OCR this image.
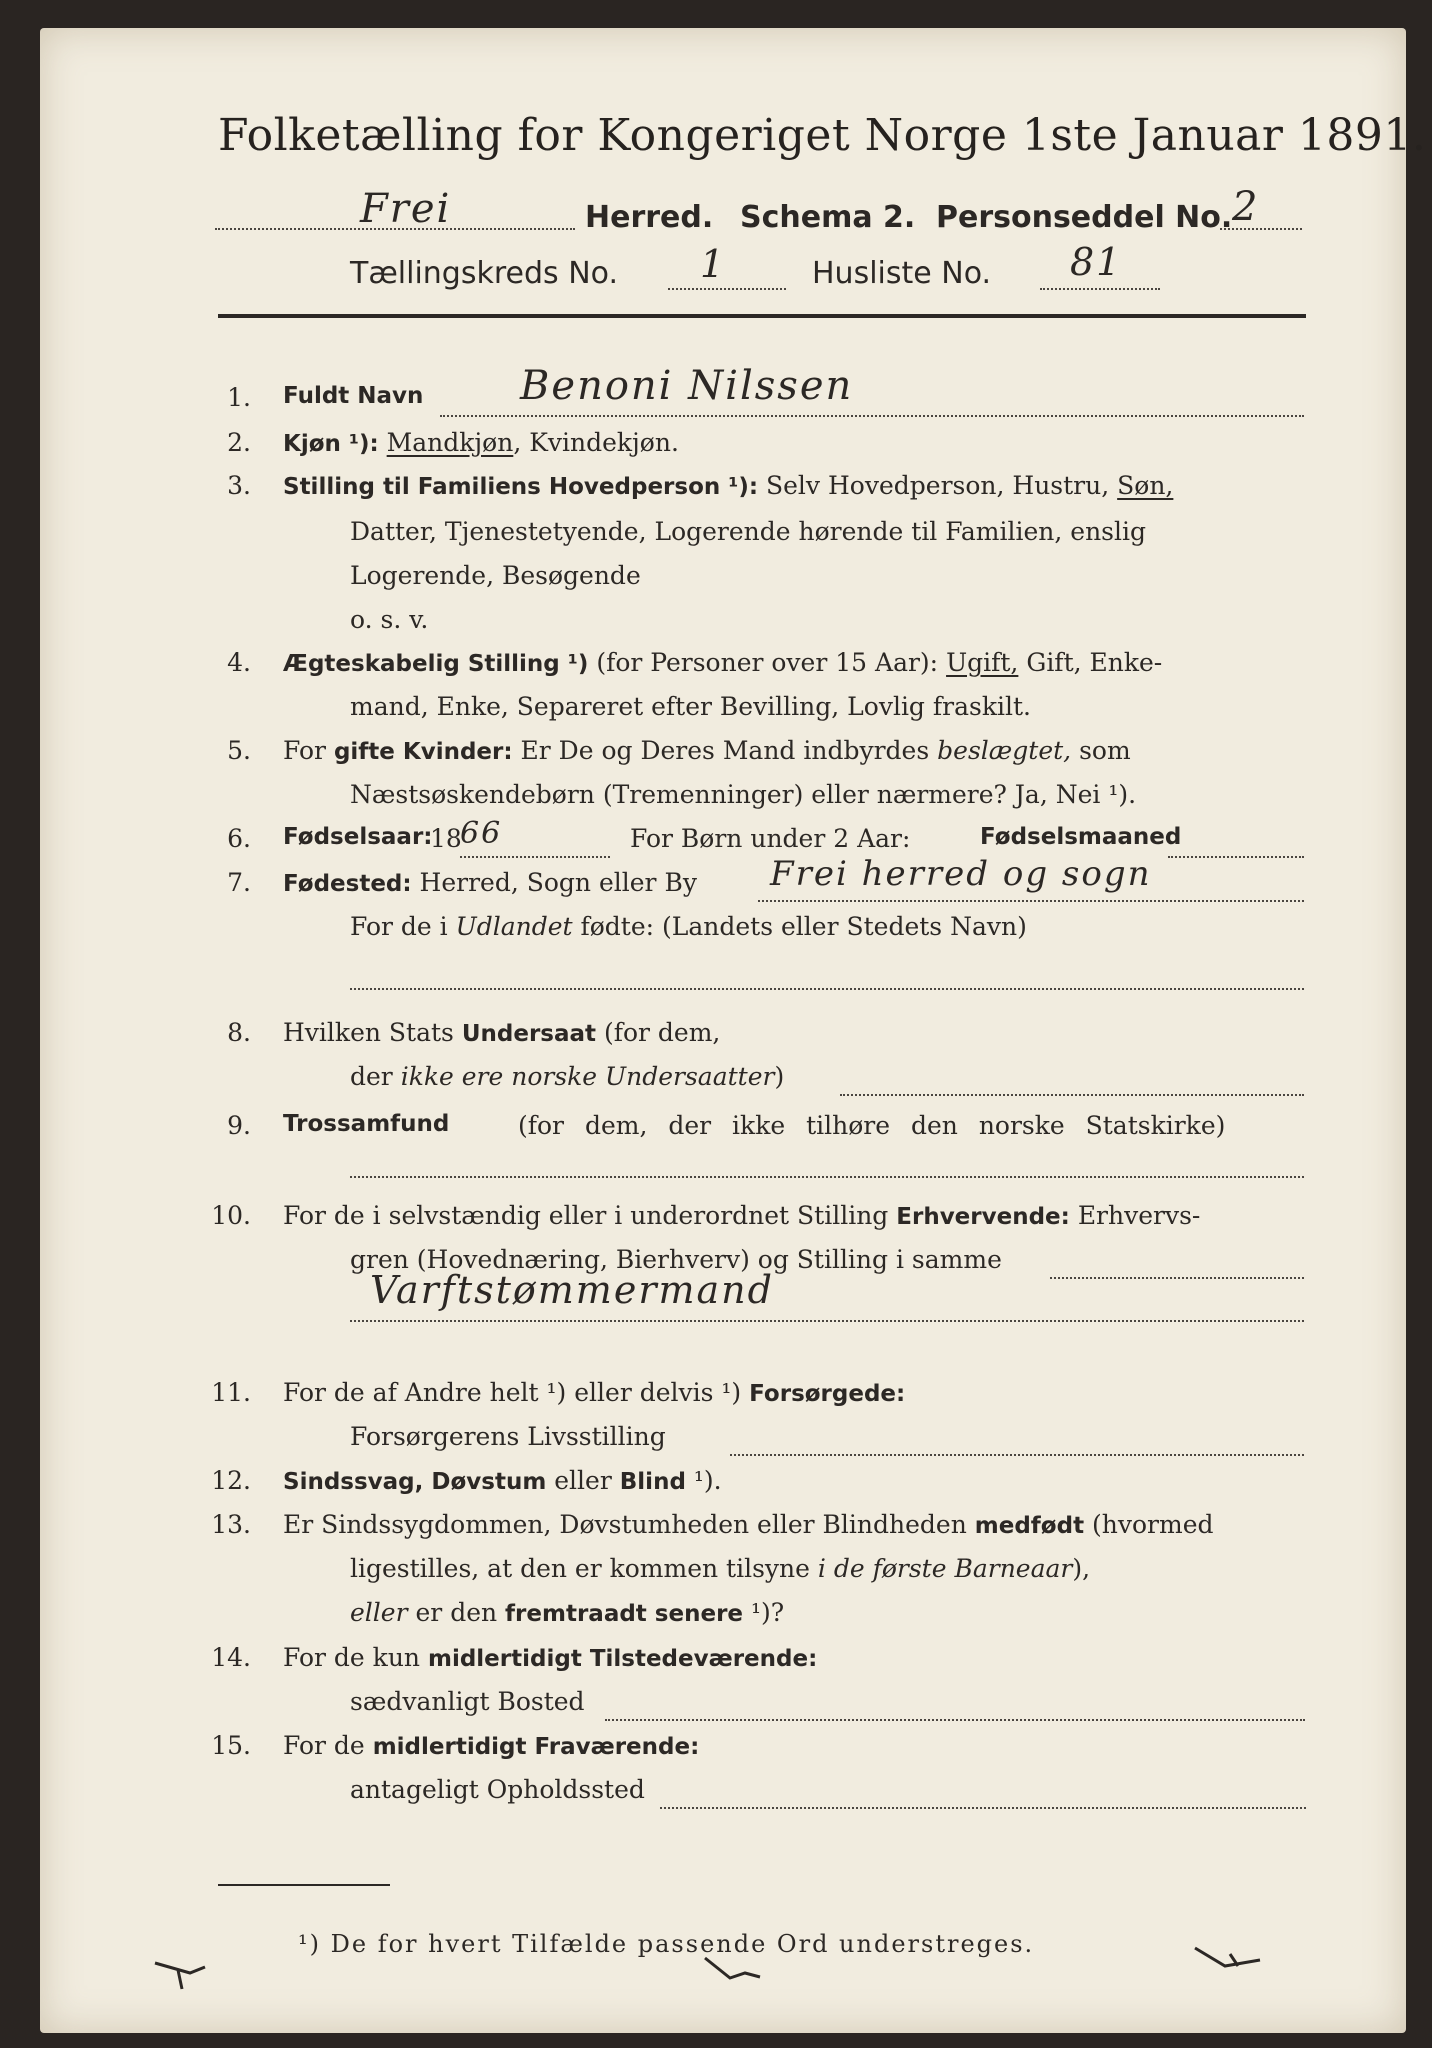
Folketælling for Kongeriget Norge 1ste Januar 1891.
Frei	Herred. Schema 2. Personseddel No. 2
Tællingskreds No. 1	Husliste No. 81
1. Fuldt Navn Benoni Nilssen
2. Kjøn ¹): Mandkjøn, Kvindekjøn.
3. Stilling til Familiens Hovedperson ¹): Selv Hovedperson, Hustru, Søn,
Datter, Tjenestetyende, Logerende hørende til Familien, enslig
Logerende, Besøgende
o. s. v.
4. Ægteskabelig Stilling ¹) (for Personer over 15 Aar): Ugift, Gift, Enke-
mand, Enke, Separeret efter Bevilling, Lovlig fraskilt.
5. For gifte Kvinder: Er De og Deres Mand indbyrdes beslægtet, som
Næstsøskendebørn (Tremenninger) eller nærmere? Ja, Nei ¹).
6. Fødselsaar:
18
66	For Børn under 2 Aar:	Fødselsmaaned
7. Fødested: Herred, Sogn eller By Frei herred og sogn
For de i Udlandet fødte: (Landets eller Stedets Navn)
8. Hvilken Stats Undersaat (for dem,
der ikke ere norske Undersaatter)
9. Trossamfund	(for dem, der ikke tilhøre den norske Statskirke)
10. For de i selvstændig eller i underordnet Stilling Erhvervende: Erhvervs-
gren (Hovednæring, Bierhverv) og Stilling i samme
Varftstømmermand
11. For de af Andre helt ¹) eller delvis ¹) Forsørgede:
Forsørgerens Livsstilling
12. Sindssvag, Døvstum eller Blind ¹).
13. Er Sindssygdommen, Døvstumheden eller Blindheden medfødt (hvormed
ligestilles, at den er kommen tilsyne i de første Barneaar),
eller er den fremtraadt senere ¹)?
14. For de kun midlertidigt Tilstedeværende:
sædvanligt Bosted
15. For de midlertidigt Fraværende:
antageligt Opholdssted
¹) De for hvert Tilfælde passende Ord understreges.
